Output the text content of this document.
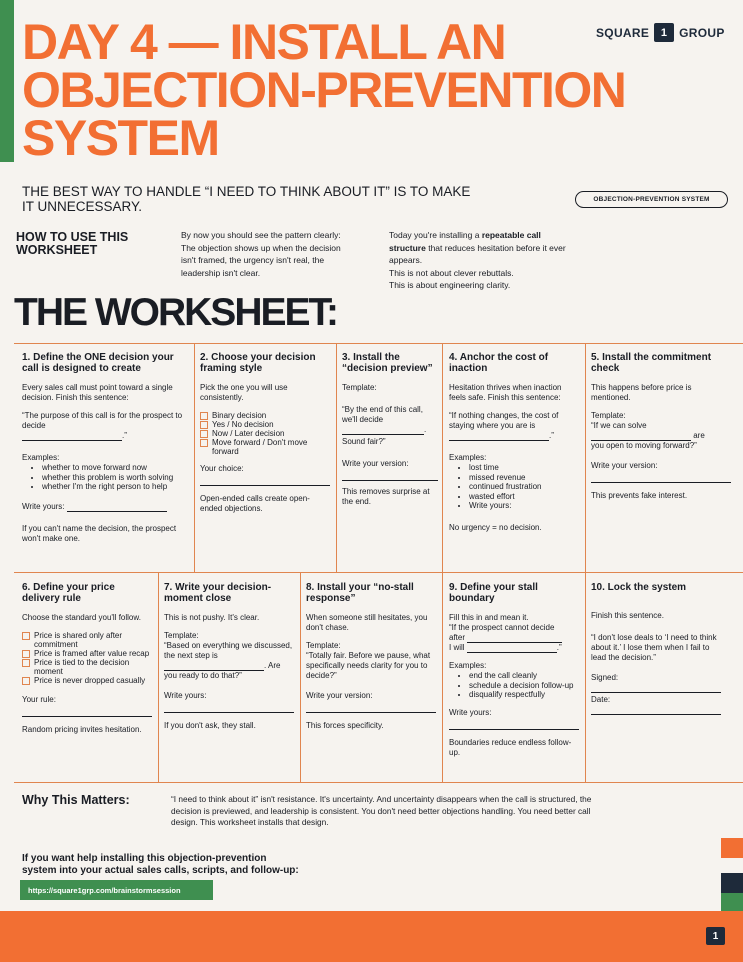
DAY 4 — INSTALL AN
OBJECTION-PREVENTION
SYSTEM
SQUARE	1 GROUP
THE BEST WAY TO HANDLE “I NEED TO THINK ABOUT IT” IS TO MAKE
IT UNNECESSARY.	OBJECTION-PREVENTION SYSTEM
HOW TO USE THIS
WORKSHEET
By now you should see the pattern clearly:
The objection shows up when the decision
isn't framed, the urgency isn't real, the
leadership isn't clear.
Today you're installing a repeatable call
structure that reduces hesitation before it ever
appears.
This is not about clever rebuttals.
This is about engineering clarity.
THE WORKSHEET:
1. Define the ONE decision your call is designed to create

Every sales call must point toward a single decision. Finish this sentence:

“The purpose of this call is for the prospect to decide
.”

Examples:

• whether to move forward now
• whether this problem is worth solving
• whether I'm the right person to help

Write yours:

If you can't name the decision, the prospect won't make one.

2. Choose your decision framing style

Pick the one you will use consistently.

Binary decision
Yes / No decision
Now / Later decision
Move forward / Don't move forward

Your choice:

Open-ended calls create open-ended objections.

3. Install the “decision preview”

Template:

“By the end of this call, we'll decide

.

Sound fair?”

Write your version:

This removes surprise at the end.

4. Anchor the cost of inaction

Hesitation thrives when inaction feels safe. Finish this sentence:

“If nothing changes, the cost of staying where you are is
.”

Examples:

• lost time
• missed revenue
• continued frustration
• wasted effort
• Write yours:

No urgency = no decision.

5. Install the commitment check

This happens before price is mentioned.

Template:

“If we can solve

are

you open to moving forward?”

Write your version:

This prevents fake interest.

6. Define your price delivery rule

Choose the standard you'll follow.

Price is shared only after commitment
Price is framed after value recap
Price is tied to the decision moment
Price is never dropped casually

Your rule:

Random pricing invites hesitation.

7. Write your decision-moment close

This is not pushy. It's clear.

Template:

“Based on everything we discussed, the next step is

. Are

you ready to do that?”

Write yours:

If you don't ask, they stall.

8. Install your “no-stall response”

When someone still hesitates, you don't chase.

Template:

“Totally fair. Before we pause, what specifically needs clarity for you to decide?”

Write your version:

This forces specificity.

9. Define your stall boundary

Fill this in and mean it.

“If the prospect cannot decide

after
I will	.”

Examples:

• end the call cleanly
• schedule a decision follow-up
• disqualify respectfully

Write yours:

Boundaries reduce endless follow-up.

10. Lock the system

Finish this sentence.

“I don't lose deals to ‘I need to think about it.’ I lose them when I fail to lead the decision.”

Signed:

Date:

Why This Matters:	“I need to think about it” isn't resistance. It's uncertainty. And uncertainty disappears when the call is structured, the
decision is previewed, and leadership is consistent. You don't need better objections handling. You need better call
design. This worksheet installs that design.
If you want help installing this objection-prevention
system into your actual sales calls, scripts, and follow-up:
https://square1grp.com/brainstormsession
1
